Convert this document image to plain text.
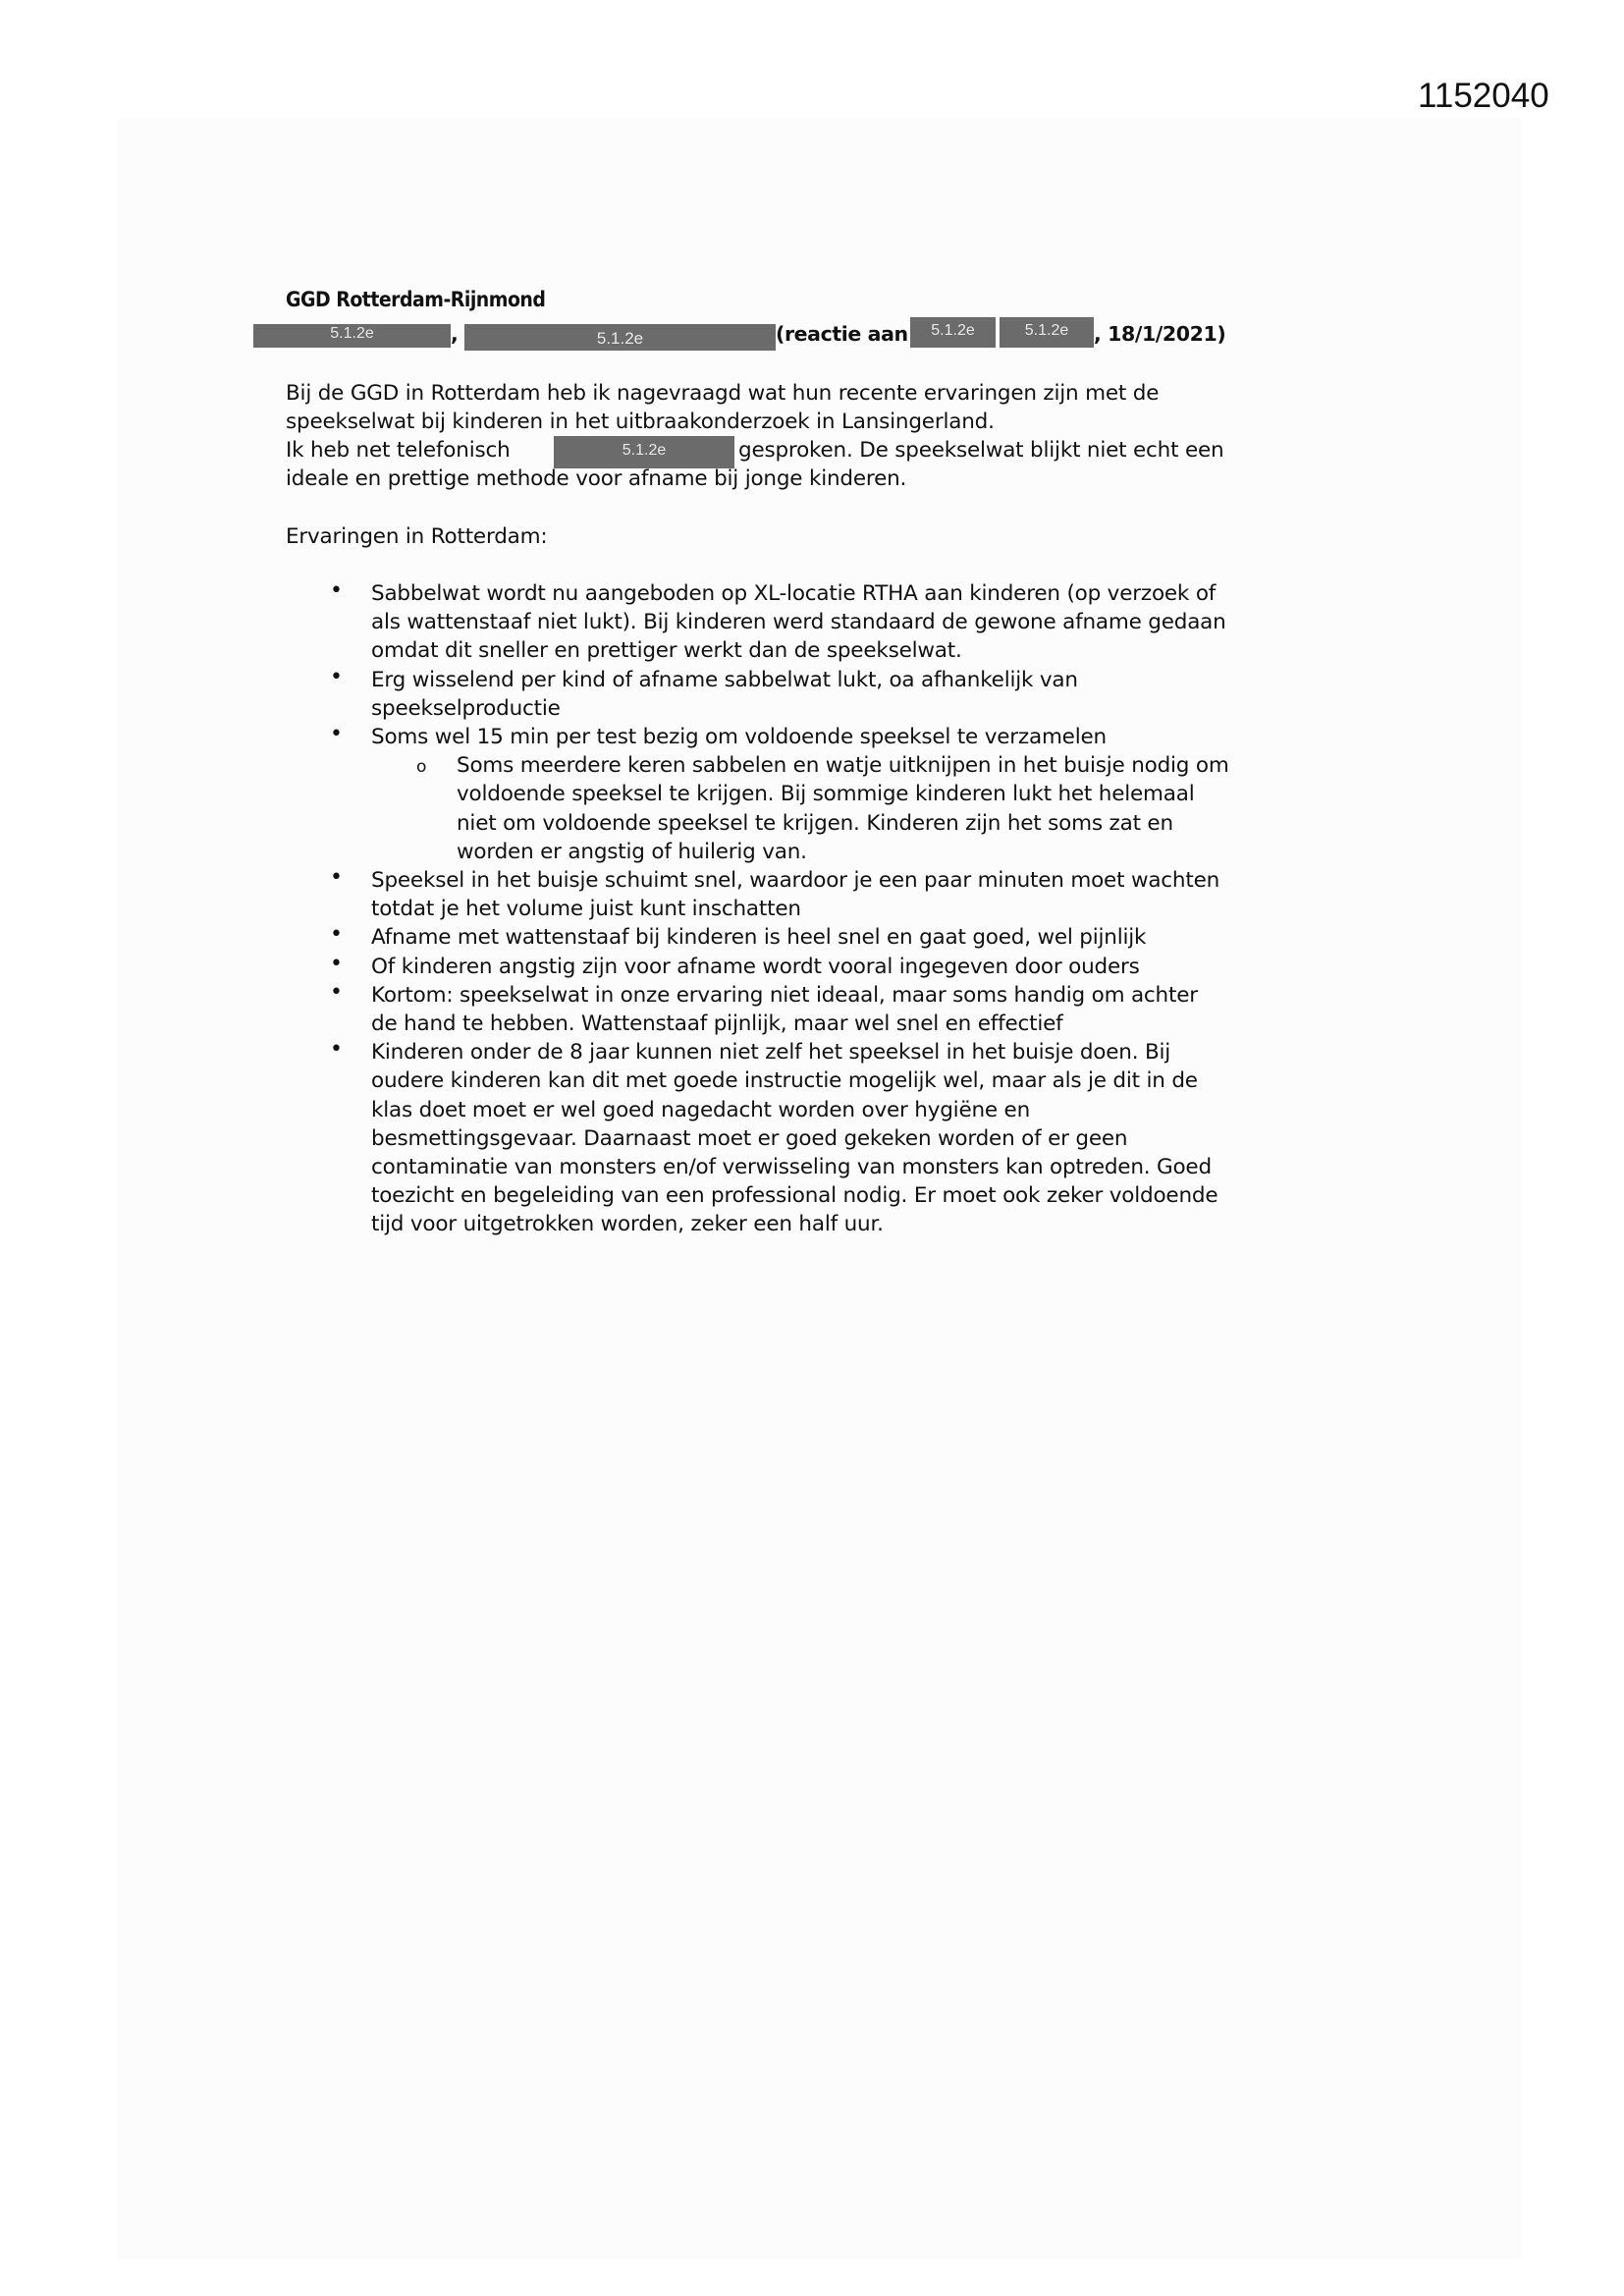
1152040
GGD Rotterdam-Rijnmond
5.1.2e	,	5.1.2e	(reactie aan	5.1.2e	5.1.2e	, 18/1/2021)
Bij de GGD in Rotterdam heb ik nagevraagd wat hun recente ervaringen zijn met de
speekselwat bij kinderen in het uitbraakonderzoek in Lansingerland.
Ik heb net telefonisch	5.1.2e	gesproken. De speekselwat blijkt niet echt een
ideale en prettige methode voor afname bij jonge kinderen.
Ervaringen in Rotterdam:
• Sabbelwat wordt nu aangeboden op XL-locatie RTHA aan kinderen (op verzoek of
als wattenstaaf niet lukt). Bij kinderen werd standaard de gewone afname gedaan
omdat dit sneller en prettiger werkt dan de speekselwat.
• Erg wisselend per kind of afname sabbelwat lukt, oa afhankelijk van
speekselproductie
• Soms wel 15 min per test bezig om voldoende speeksel te verzamelen
o Soms meerdere keren sabbelen en watje uitknijpen in het buisje nodig om
voldoende speeksel te krijgen. Bij sommige kinderen lukt het helemaal
niet om voldoende speeksel te krijgen. Kinderen zijn het soms zat en
worden er angstig of huilerig van.
• Speeksel in het buisje schuimt snel, waardoor je een paar minuten moet wachten
totdat je het volume juist kunt inschatten
• Afname met wattenstaaf bij kinderen is heel snel en gaat goed, wel pijnlijk
• Of kinderen angstig zijn voor afname wordt vooral ingegeven door ouders
• Kortom: speekselwat in onze ervaring niet ideaal, maar soms handig om achter
de hand te hebben. Wattenstaaf pijnlijk, maar wel snel en effectief
• Kinderen onder de 8 jaar kunnen niet zelf het speeksel in het buisje doen. Bij
oudere kinderen kan dit met goede instructie mogelijk wel, maar als je dit in de
klas doet moet er wel goed nagedacht worden over hygiëne en
besmettingsgevaar. Daarnaast moet er goed gekeken worden of er geen
contaminatie van monsters en/of verwisseling van monsters kan optreden. Goed
toezicht en begeleiding van een professional nodig. Er moet ook zeker voldoende
tijd voor uitgetrokken worden, zeker een half uur.
